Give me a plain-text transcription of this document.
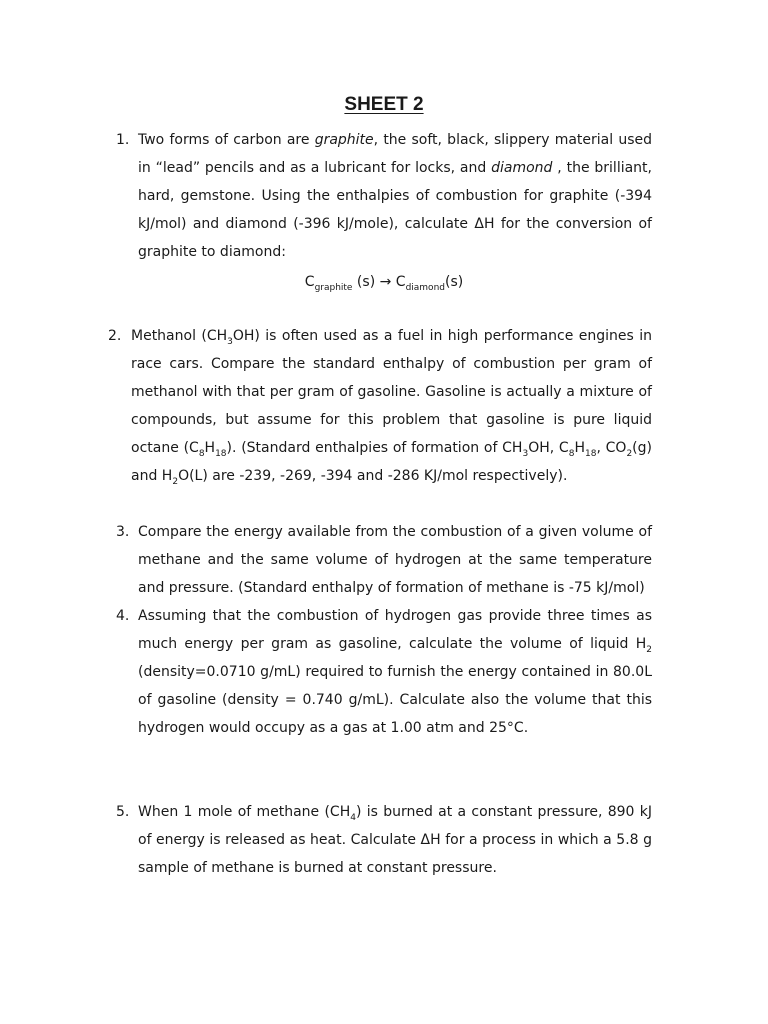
SHEET 2
1. Two forms of carbon are graphite, the soft, black, slippery material used in “lead” pencils and as a lubricant for locks, and diamond , the brilliant, hard, gemstone. Using the enthalpies of combustion for graphite (-394 kJ/mol) and diamond (-396 kJ/mole), calculate ΔH for the conversion of graphite to diamond:
$C_{graphite}$ $(s) \to C_{diamond}(s)$
2. Methanol $(CH_3OH)$ is often used as a fuel in high performance engines in race cars. Compare the standard enthalpy of combustion per gram of methanol with that per gram of gasoline. Gasoline is actually a mixture of compounds, but assume for this problem that gasoline is pure liquid octane $(C_8H_{18})$. (Standard enthalpies of formation of $CH_3OH$, $C_8H_{18}$, $CO_2(g)$ and $H_2O(L)$ are -239, -269, -394 and -286 KJ/mol respectively).
3. Compare the energy available from the combustion of a given volume of methane and the same volume of hydrogen at the same temperature and pressure. (Standard enthalpy of formation of methane is -75 kJ/mol)
4. Assuming that the combustion of hydrogen gas provide three times as much energy per gram as gasoline, calculate the volume of liquid $H_2$ (density=0.0710 g/mL) required to furnish the energy contained in 80.0L of gasoline (density = 0.740 g/mL). Calculate also the volume that this hydrogen would occupy as a gas at 1.00 atm and 25°C.
5. When 1 mole of methane $(CH_4)$ is burned at a constant pressure, 890 kJ of energy is released as heat. Calculate ΔH for a process in which a 5.8 g sample of methane is burned at constant pressure.
